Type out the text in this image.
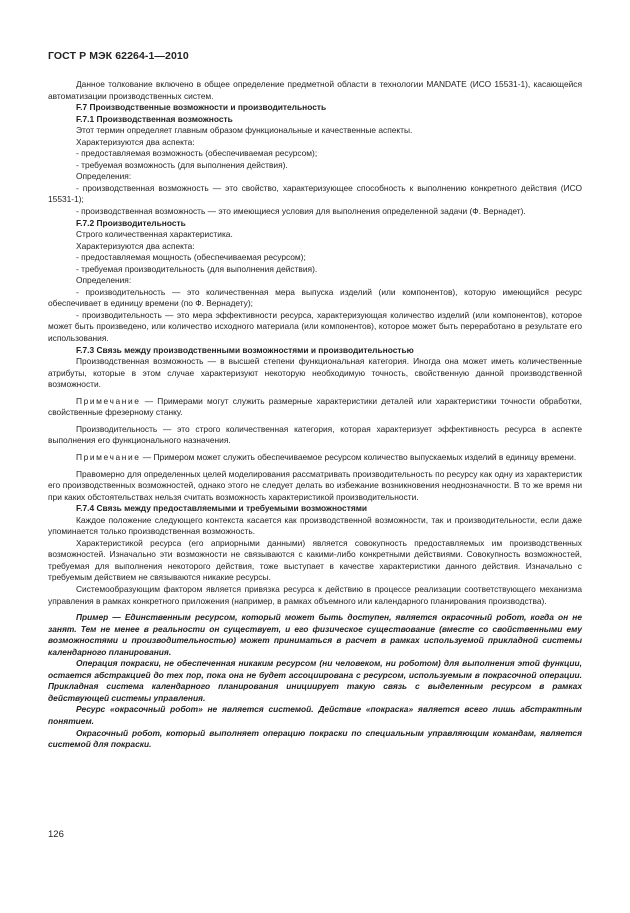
ГОСТ Р МЭК 62264-1—2010

Данное толкование включено в общее определение предметной области в технологии MANDATE (ИСО 15531-1), касающейся автоматизации производственных систем.

F.7 Производственные возможности и производительность

F.7.1 Производственная возможность

Этот термин определяет главным образом функциональные и качественные аспекты.

Характеризуются два аспекта:

- предоставляемая возможность (обеспечиваемая ресурсом);

- требуемая возможность (для выполнения действия).

Определения:

- производственная возможность — это свойство, характеризующее способность к выполнению конкретного действия (ИСО 15531-1);

- производственная возможность — это имеющиеся условия для выполнения определенной задачи (Ф. Вернадет).

F.7.2 Производительность

Строго количественная характеристика.

Характеризуются два аспекта:

- предоставляемая мощность (обеспечиваемая ресурсом);

- требуемая производительность (для выполнения действия).

Определения:

- производительность — это количественная мера выпуска изделий (или компонентов), которую имеющийся ресурс обеспечивает в единицу времени (по Ф. Вернадету);

- производительность — это мера эффективности ресурса, характеризующая количество изделий (или компонентов), которое может быть произведено, или количество исходного материала (или компонентов), которое может быть переработано в результате его использования.

F.7.3 Связь между производственными возможностями и производительностью

Производственная возможность — в высшей степени функциональная категория. Иногда она может иметь количественные атрибуты, которые в этом случае характеризуют некоторую необходимую точность, свойственную данной производственной возможности.

Примечание — Примерами могут служить размерные характеристики деталей или характеристики точности обработки, свойственные фрезерному станку.

Производительность — это строго количественная категория, которая характеризует эффективность ресурса в аспекте выполнения его функционального назначения.

Примечание — Примером может служить обеспечиваемое ресурсом количество выпускаемых изделий в единицу времени.

Правомерно для определенных целей моделирования рассматривать производительность по ресурсу как одну из характеристик его производственных возможностей, однако этого не следует делать во избежание возникновения неоднозначности. В то же время ни при каких обстоятельствах нельзя считать возможность характеристикой производительности.

F.7.4 Связь между предоставляемыми и требуемыми возможностями

Каждое положение следующего контекста касается как производственной возможности, так и производительности, если даже упоминается только производственная возможность.

Характеристикой ресурса (его априорными данными) является совокупность предоставляемых им производственных возможностей. Изначально эти возможности не связываются с какими-либо конкретными действиями. Совокупность возможностей, требуемая для выполнения некоторого действия, тоже выступает в качестве характеристики данного действия. Изначально с требуемым действием не связываются никакие ресурсы.

Системообразующим фактором является привязка ресурса к действию в процессе реализации соответствующего механизма управления в рамках конкретного приложения (например, в рамках объемного или календарного планирования производства).

Пример — Единственным ресурсом, который может быть доступен, является окрасочный робот, когда он не занят. Тем не менее в реальности он существует, и его физическое существование (вместе со свойственными ему возможностями и производительностью) может приниматься в расчет в рамках используемой прикладной системы календарного планирования.

Операция покраски, не обеспеченная никаким ресурсом (ни человеком, ни роботом) для выполнения этой функции, остается абстракцией до тех пор, пока она не будет ассоциирована с ресурсом, используемым в покрасочной операции. Прикладная система календарного планирования инициирует такую связь с выделенным ресурсом в рамках действующей системы управления.

Ресурс «окрасочный робот» не является системой. Действие «покраска» является всего лишь абстрактным понятием.

Окрасочный робот, который выполняет операцию покраски по специальным управляющим командам, является системой для покраски.

126
